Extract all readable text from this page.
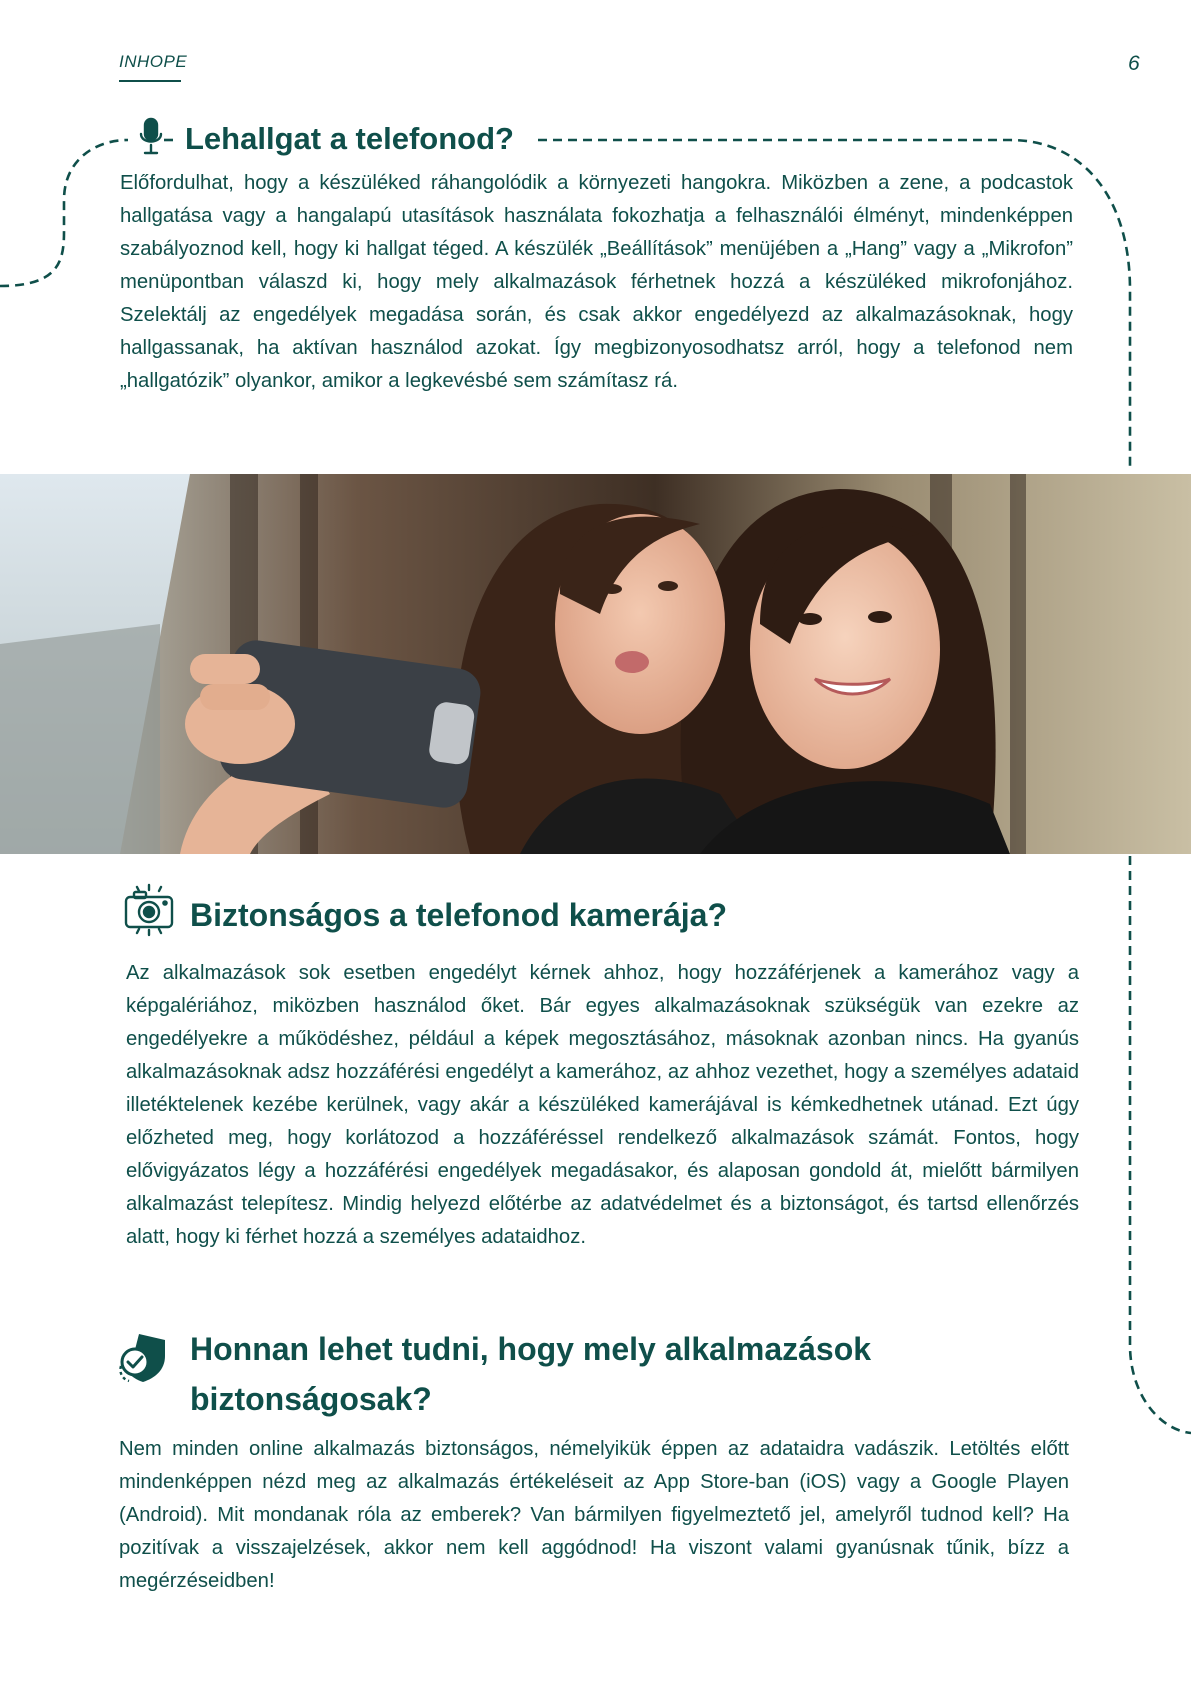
INHOPE	6
Lehallgat a telefonod?

Előfordulhat, hogy a készüléked ráhangolódik a környezeti hangokra. Miközben a zene, a podcastok hallgatása vagy a hangalapú utasítások használata fokozhatja a felhasználói élményt, mindenképpen szabályoznod kell, hogy ki hallgat téged. A készülék „Beállítások” menüjében a „Hang” vagy a „Mikrofon” menüpontban válaszd ki, hogy mely alkalmazások férhetnek hozzá a készüléked mikrofonjához. Szelektálj az engedélyek megadása során, és csak akkor engedélyezd az alkalmazásoknak, hogy hallgassanak, ha aktívan használod azokat. Így megbizonyosodhatsz arról, hogy a telefonod nem „hallgatózik” olyankor, amikor a legkevésbé sem számítasz rá.

Biztonságos a telefonod kamerája?

Az alkalmazások sok esetben engedélyt kérnek ahhoz, hogy hozzáférjenek a kamerához vagy a képgalériához, miközben használod őket. Bár egyes alkalmazásoknak szükségük van ezekre az engedélyekre a működéshez, például a képek megosztásához, másoknak azonban nincs. Ha gyanús alkalmazásoknak adsz hozzáférési engedélyt a kamerához, az ahhoz vezethet, hogy a személyes adataid illetéktelenek kezébe kerülnek, vagy akár a készüléked kamerájával is kémkedhetnek utánad. Ezt úgy előzheted meg, hogy korlátozod a hozzáféréssel rendelkező alkalmazások számát. Fontos, hogy elővigyázatos légy a hozzáférési engedélyek megadásakor, és alaposan gondold át, mielőtt bármilyen alkalmazást telepítesz. Mindig helyezd előtérbe az adatvédelmet és a biztonságot, és tartsd ellenőrzés alatt, hogy ki férhet hozzá a személyes adataidhoz.

Honnan lehet tudni, hogy mely alkalmazások biztonságosak?

Nem minden online alkalmazás biztonságos, némelyikük éppen az adataidra vadászik. Letöltés előtt mindenképpen nézd meg az alkalmazás értékeléseit az App Store-ban (iOS) vagy a Google Playen (Android). Mit mondanak róla az emberek? Van bármilyen figyelmeztető jel, amelyről tudnod kell? Ha pozitívak a visszajelzések, akkor nem kell aggódnod! Ha viszont valami gyanúsnak tűnik, bízz a megérzéseidben!
